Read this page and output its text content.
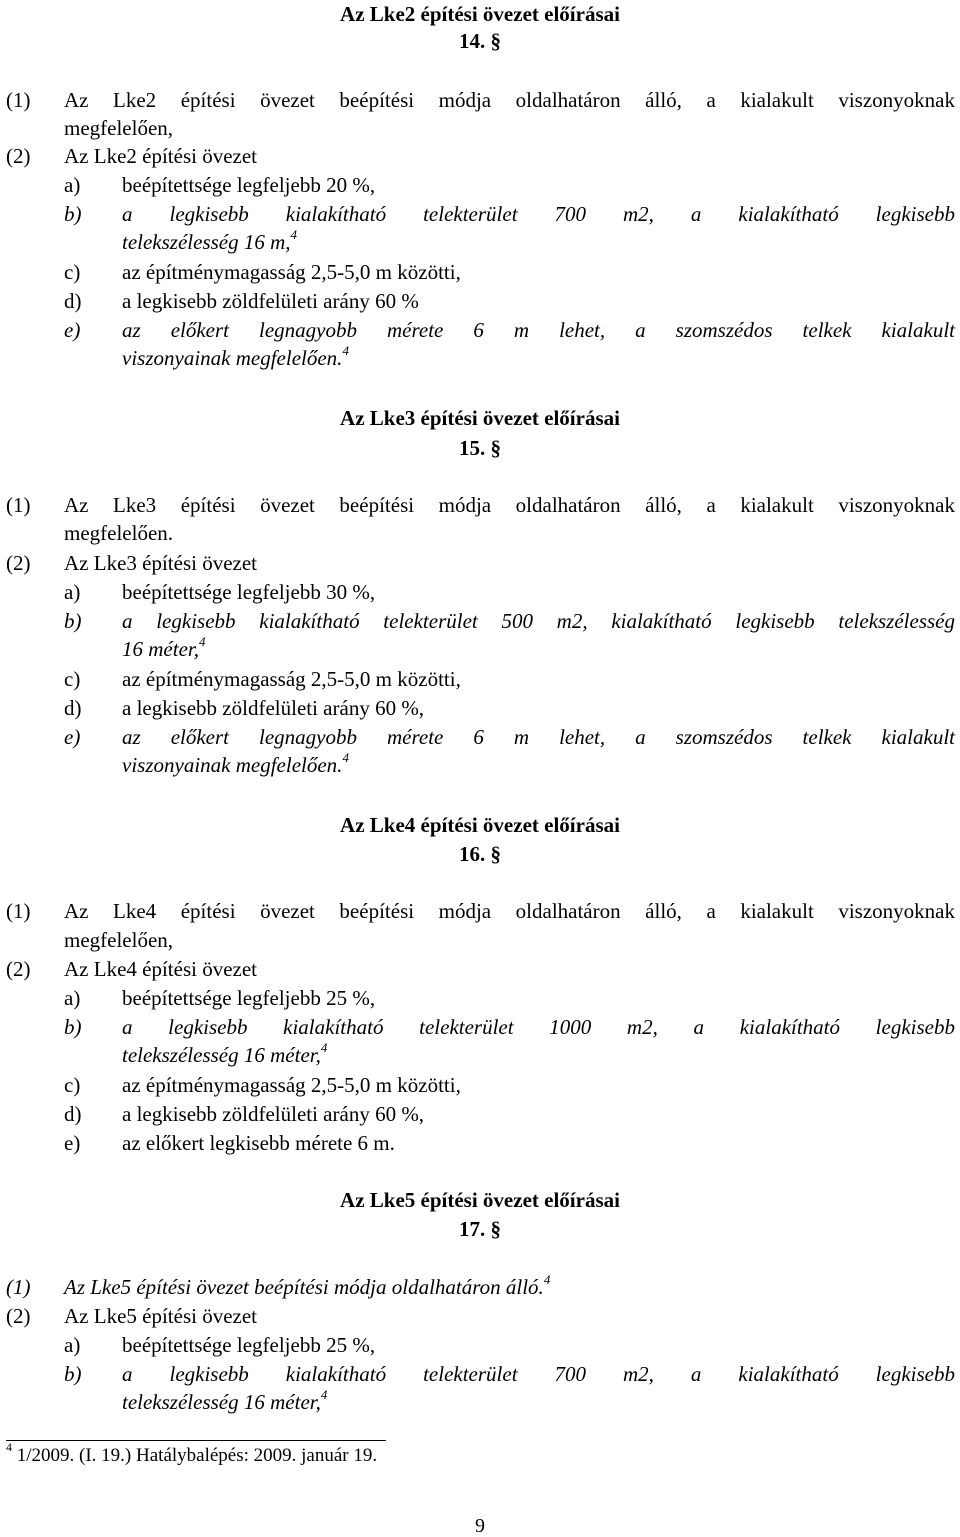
Az Lke2 építési övezet előírásai
14. §
(1) Az Lke2 építési övezet beépítési módja oldalhatáron álló, a kialakult viszonyoknak
megfelelően,
(2) Az Lke2 építési övezet
a) beépítettsége legfeljebb 20 %,
b) a legkisebb kialakítható telekterület 700 m2, a kialakítható legkisebb
telekszélesség 16 m,$^4$
c) az építménymagasság 2,5-5,0 m közötti,
d) a legkisebb zöldfelületi arány 60 %
e) az előkert legnagyobb mérete 6 m lehet, a szomszédos telkek kialakult
viszonyainak megfelelően.$^4$
Az Lke3 építési övezet előírásai
15. §
(1) Az Lke3 építési övezet beépítési módja oldalhatáron álló, a kialakult viszonyoknak
megfelelően.
(2) Az Lke3 építési övezet
a) beépítettsége legfeljebb 30 %,
b) a legkisebb kialakítható telekterület 500 m2, kialakítható legkisebb telekszélesség
16 méter,$^4$
c) az építménymagasság 2,5-5,0 m közötti,
d) a legkisebb zöldfelületi arány 60 %,
e) az előkert legnagyobb mérete 6 m lehet, a szomszédos telkek kialakult
viszonyainak megfelelően.$^4$
Az Lke4 építési övezet előírásai
16. §
(1) Az Lke4 építési övezet beépítési módja oldalhatáron álló, a kialakult viszonyoknak
megfelelően,
(2) Az Lke4 építési övezet
a) beépítettsége legfeljebb 25 %,
b) a legkisebb kialakítható telekterület 1000 m2, a kialakítható legkisebb
telekszélesség 16 méter,$^4$
c) az építménymagasság 2,5-5,0 m közötti,
d) a legkisebb zöldfelületi arány 60 %,
e) az előkert legkisebb mérete 6 m.
Az Lke5 építési övezet előírásai
17. §
(1) Az Lke5 építési övezet beépítési módja oldalhatáron álló.$^4$
(2) Az Lke5 építési övezet
a) beépítettsége legfeljebb 25 %,
b) a legkisebb kialakítható telekterület 700 m2, a kialakítható legkisebb
telekszélesség 16 méter,$^4$
$^4$ 1/2009. (I. 19.) Hatálybalépés: 2009. január 19.
9
